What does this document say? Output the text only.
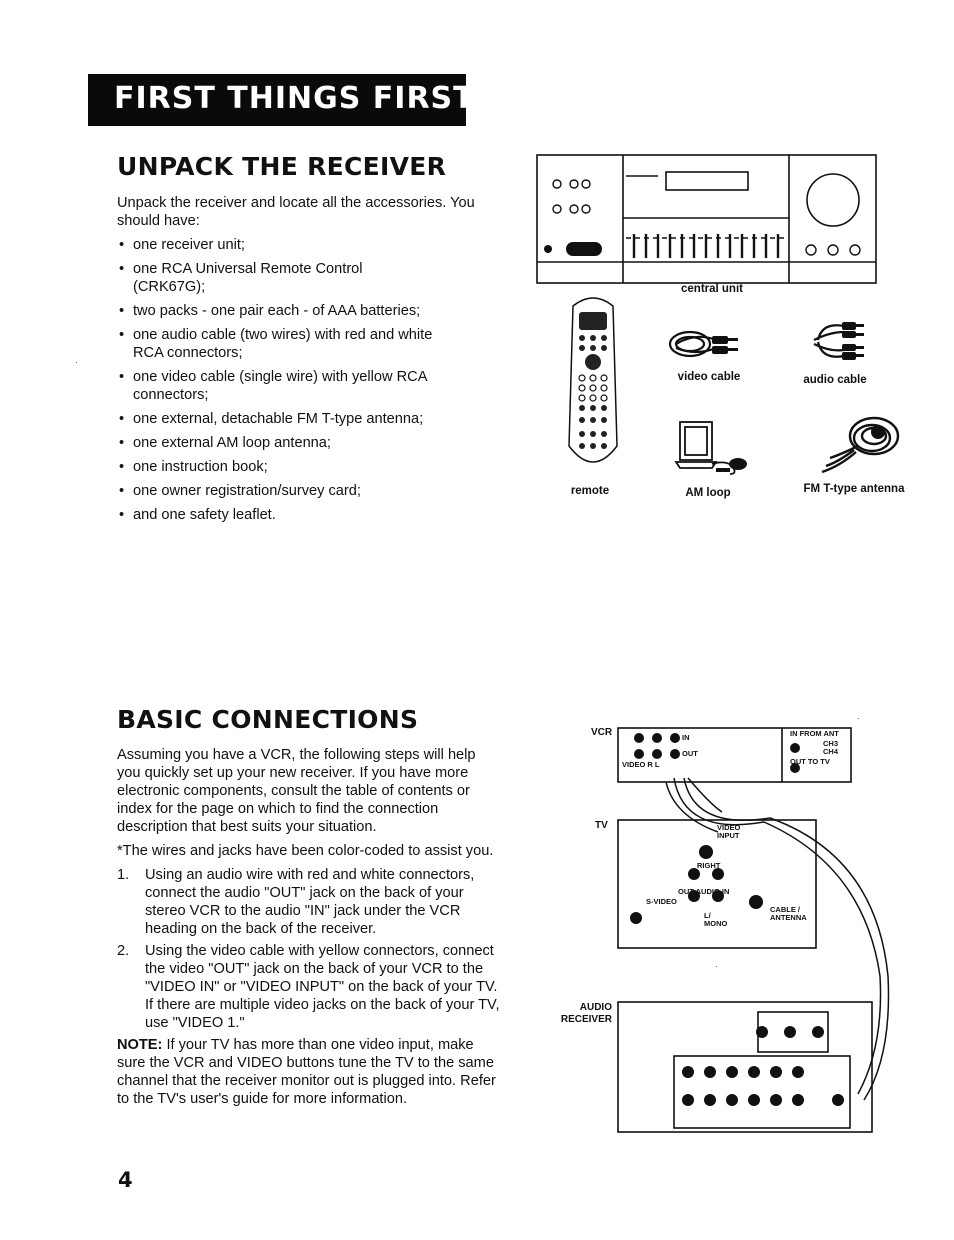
FIRST THINGS FIRST
UNPACK THE RECEIVER

Unpack the receiver and locate all the accessories. You should have:

• one receiver unit;
• one RCA Universal Remote Control (CRK67G);
• two packs - one pair each - of AAA batteries;
• one audio cable (two wires) with red and white RCA connectors;
• one video cable (single wire) with yellow RCA connectors;
• one external, detachable FM T-type antenna;
• one external AM loop antenna;
• one instruction book;
• one owner registration/survey card;
• and one safety leaflet.
central unit
remote
video cable	audio cable
AM loop	FM T-type antenna
BASIC CONNECTIONS

Assuming you have a VCR, the following steps will help you quickly set up your new receiver. If you have more electronic components, consult the table of contents or index for the page on which to find the connection description that best suits your situation.

*The wires and jacks have been color-coded to assist you.

1. Using an audio wire with red and white connectors, connect the audio "OUT" jack on the back of your stereo VCR to the audio "IN" jack under the VCR heading on the back of the receiver.
2. Using the video cable with yellow connectors, connect the video "OUT" jack on the back of your VCR to the "VIDEO IN" or "VIDEO INPUT" on the back of your TV. If there are multiple video jacks on the back of your TV, use "VIDEO 1."

NOTE: If your TV has more than one video input, make sure the VCR and VIDEO buttons tune the TV to the same channel that the receiver monitor out is plugged into. Refer to the TV's user's guide for more information.

VCR
TV
AUDIO
RECEIVER
IN
OUT
VIDEO R L
IN FROM ANT
CH3
CH4
OUT TO TV
VIDEO
INPUT
RIGHT
OUT AUDIO IN
S-VIDEO
L/
MONO
CABLE /
ANTENNA
4
